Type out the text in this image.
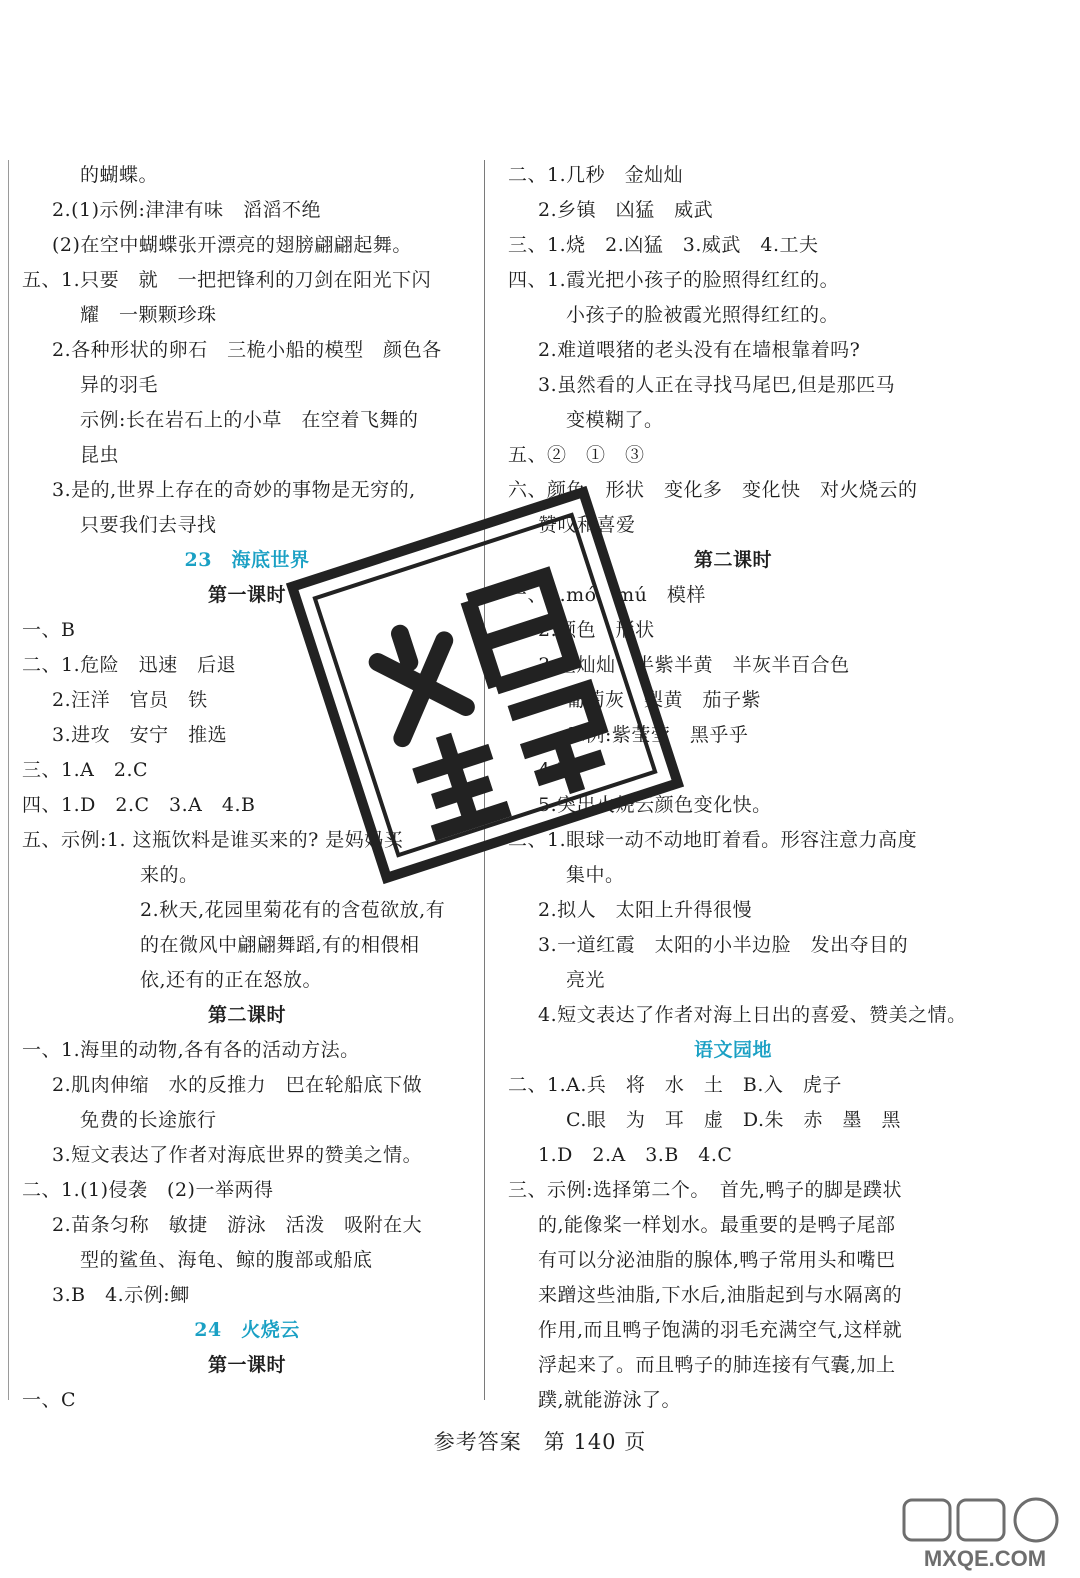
的蝴蝶。
2.(1)示例:津津有味　滔滔不绝
(2)在空中蝴蝶张开漂亮的翅膀翩翩起舞。
五、1.只要　就　一把把锋利的刀剑在阳光下闪
耀　一颗颗珍珠
2.各种形状的卵石　三桅小船的模型　颜色各
异的羽毛
示例:长在岩石上的小草　在空着飞舞的
昆虫
3.是的,世界上存在的奇妙的事物是无穷的,
只要我们去寻找
23　海底世界
第一课时
一、B
二、1.危险　迅速　后退
2.汪洋　官员　铁
3.进攻　安宁　推选
三、1.A　2.C
四、1.D　2.C　3.A　4.B
五、示例:1. 这瓶饮料是谁买来的? 是妈妈买
来的。
2.秋天,花园里菊花有的含苞欲放,有
的在微风中翩翩舞蹈,有的相偎相
依,还有的正在怒放。
第二课时
一、1.海里的动物,各有各的活动方法。
2.肌肉伸缩　水的反推力　巴在轮船底下做
免费的长途旅行
3.短文表达了作者对海底世界的赞美之情。
二、1.(1)侵袭　(2)一举两得
2.苗条匀称　敏捷　游泳　活泼　吸附在大
型的鲨鱼、海龟、鲸的腹部或船底
3.B　4.示例:鲫
24　火烧云
第一课时
一、C
二、1.几秒　金灿灿
2.乡镇　凶猛　威武
三、1.烧　2.凶猛　3.威武　4.工夫
四、1.霞光把小孩子的脸照得红红的。
小孩子的脸被霞光照得红红的。
2.难道喂猪的老头没有在墙根靠着吗?
3.虽然看的人正在寻找马尾巴,但是那匹马
变模糊了。
五、②　①　③
六、颜色　形状　变化多　变化快　对火烧云的
赞叹和喜爱
第二课时
一、1.mó　mú　模样
2.颜色　形状
3.金灿灿　半紫半黄　半灰半百合色
葡萄灰　梨黄　茄子紫
示例:紫莹莹　黑乎乎
4.B
5.突出火烧云颜色变化快。
二、1.眼球一动不动地盯着看。形容注意力高度
集中。
2.拟人　太阳上升得很慢
3.一道红霞　太阳的小半边脸　发出夺目的
亮光
4.短文表达了作者对海上日出的喜爱、赞美之情。
语文园地
二、1.A.兵　将　水　土　B.入　虎子
C.眼　为　耳　虚　D.朱　赤　墨　黑
1.D　2.A　3.B　4.C
三、示例:选择第二个。　首先,鸭子的脚是蹼状
的,能像桨一样划水。最重要的是鸭子尾部
有可以分泌油脂的腺体,鸭子常用头和嘴巴
来蹭这些油脂,下水后,油脂起到与水隔离的
作用,而且鸭子饱满的羽毛充满空气,这样就
浮起来了。而且鸭子的肺连接有气囊,加上
蹼,就能游泳了。
参考答案　 第 140 页
MXQE.COM
